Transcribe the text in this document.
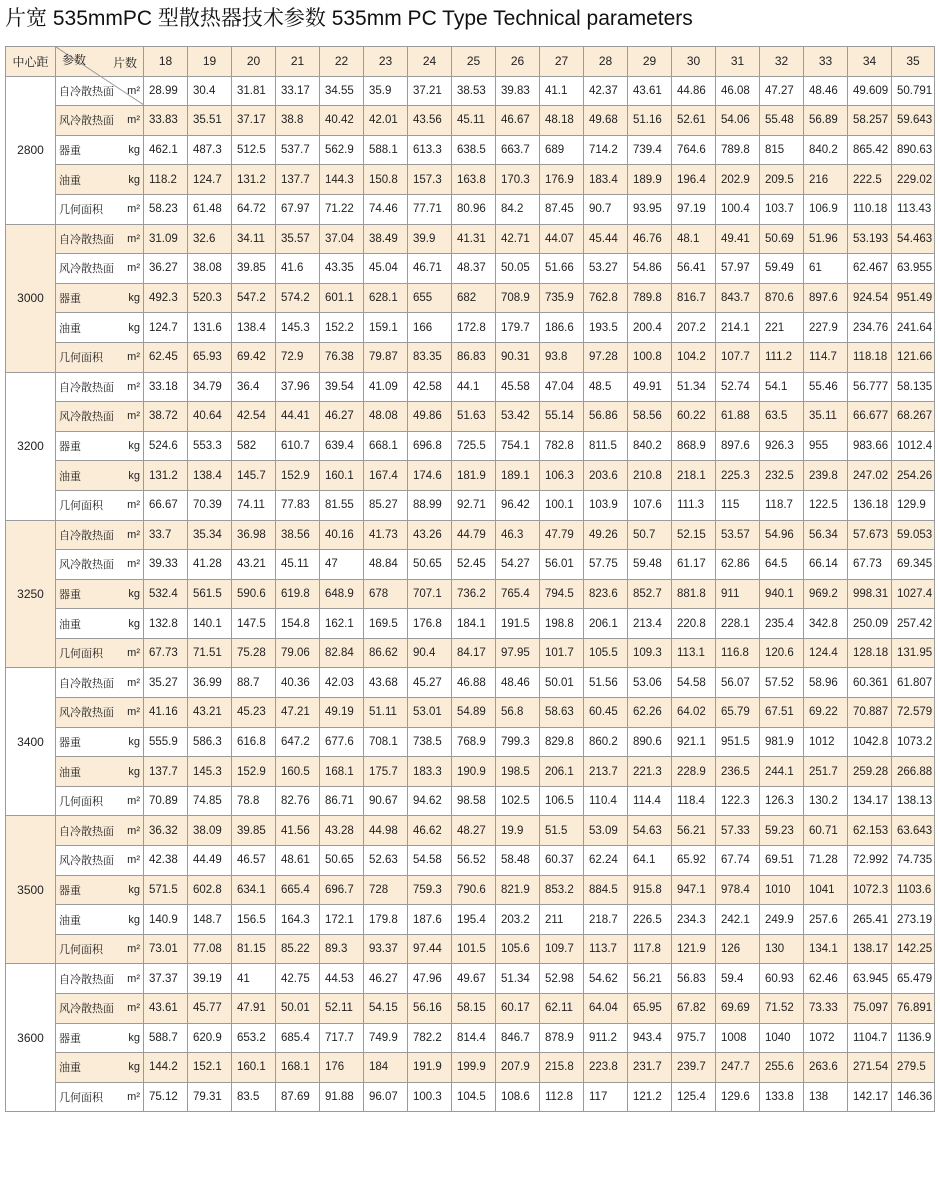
片宽 535mmPC 型散热器技术参数 535mm PC Type Technical parameters
中心距	片数
参数	18	19	20	21	22	23	24	25	26	27	28	29	30	31	32	33	34	35
2800	自冷散热面 m²	28.99	30.4	31.81	33.17	34.55	35.9	37.21	38.53	39.83	41.1	42.37	43.61	44.86	46.08	47.27	48.46	49.609	50.791

	风冷散热面 m²	33.83	35.51	37.17	38.8	40.42	42.01	43.56	45.11	46.67	48.18	49.68	51.16	52.61	54.06	55.48	56.89	58.257	59.643

	器重 kg	462.1	487.3	512.5	537.7	562.9	588.1	613.3	638.5	663.7	689	714.2	739.4	764.6	789.8	815	840.2	865.42	890.63

	油重 kg	118.2	124.7	131.2	137.7	144.3	150.8	157.3	163.8	170.3	176.9	183.4	189.9	196.4	202.9	209.5	216	222.5	229.02

	几何面积 m²	58.23	61.48	64.72	67.97	71.22	74.46	77.71	80.96	84.2	87.45	90.7	93.95	97.19	100.4	103.7	106.9	110.18	113.43
3000	自冷散热面 m²	31.09	32.6	34.11	35.57	37.04	38.49	39.9	41.31	42.71	44.07	45.44	46.76	48.1	49.41	50.69	51.96	53.193	54.463

	风冷散热面 m²	36.27	38.08	39.85	41.6	43.35	45.04	46.71	48.37	50.05	51.66	53.27	54.86	56.41	57.97	59.49	61	62.467	63.955

	器重 kg	492.3	520.3	547.2	574.2	601.1	628.1	655	682	708.9	735.9	762.8	789.8	816.7	843.7	870.6	897.6	924.54	951.49

	油重 kg	124.7	131.6	138.4	145.3	152.2	159.1	166	172.8	179.7	186.6	193.5	200.4	207.2	214.1	221	227.9	234.76	241.64

	几何面积 m²	62.45	65.93	69.42	72.9	76.38	79.87	83.35	86.83	90.31	93.8	97.28	100.8	104.2	107.7	111.2	114.7	118.18	121.66
3200	自冷散热面 m²	33.18	34.79	36.4	37.96	39.54	41.09	42.58	44.1	45.58	47.04	48.5	49.91	51.34	52.74	54.1	55.46	56.777	58.135

	风冷散热面 m²	38.72	40.64	42.54	44.41	46.27	48.08	49.86	51.63	53.42	55.14	56.86	58.56	60.22	61.88	63.5	35.11	66.677	68.267

	器重 kg	524.6	553.3	582	610.7	639.4	668.1	696.8	725.5	754.1	782.8	811.5	840.2	868.9	897.6	926.3	955	983.66	1012.4

	油重 kg	131.2	138.4	145.7	152.9	160.1	167.4	174.6	181.9	189.1	106.3	203.6	210.8	218.1	225.3	232.5	239.8	247.02	254.26

	几何面积 m²	66.67	70.39	74.11	77.83	81.55	85.27	88.99	92.71	96.42	100.1	103.9	107.6	111.3	115	118.7	122.5	136.18	129.9
3250	自冷散热面 m²	33.7	35.34	36.98	38.56	40.16	41.73	43.26	44.79	46.3	47.79	49.26	50.7	52.15	53.57	54.96	56.34	57.673	59.053

	风冷散热面 m²	39.33	41.28	43.21	45.11	47	48.84	50.65	52.45	54.27	56.01	57.75	59.48	61.17	62.86	64.5	66.14	67.73	69.345

	器重 kg	532.4	561.5	590.6	619.8	648.9	678	707.1	736.2	765.4	794.5	823.6	852.7	881.8	911	940.1	969.2	998.31	1027.4

	油重 kg	132.8	140.1	147.5	154.8	162.1	169.5	176.8	184.1	191.5	198.8	206.1	213.4	220.8	228.1	235.4	342.8	250.09	257.42

	几何面积 m²	67.73	71.51	75.28	79.06	82.84	86.62	90.4	84.17	97.95	101.7	105.5	109.3	113.1	116.8	120.6	124.4	128.18	131.95
3400	自冷散热面 m²	35.27	36.99	88.7	40.36	42.03	43.68	45.27	46.88	48.46	50.01	51.56	53.06	54.58	56.07	57.52	58.96	60.361	61.807

	风冷散热面 m²	41.16	43.21	45.23	47.21	49.19	51.11	53.01	54.89	56.8	58.63	60.45	62.26	64.02	65.79	67.51	69.22	70.887	72.579

	器重 kg	555.9	586.3	616.8	647.2	677.6	708.1	738.5	768.9	799.3	829.8	860.2	890.6	921.1	951.5	981.9	1012	1042.8	1073.2

	油重 kg	137.7	145.3	152.9	160.5	168.1	175.7	183.3	190.9	198.5	206.1	213.7	221.3	228.9	236.5	244.1	251.7	259.28	266.88

	几何面积 m²	70.89	74.85	78.8	82.76	86.71	90.67	94.62	98.58	102.5	106.5	110.4	114.4	118.4	122.3	126.3	130.2	134.17	138.13
3500	自冷散热面 m²	36.32	38.09	39.85	41.56	43.28	44.98	46.62	48.27	19.9	51.5	53.09	54.63	56.21	57.33	59.23	60.71	62.153	63.643

	风冷散热面 m²	42.38	44.49	46.57	48.61	50.65	52.63	54.58	56.52	58.48	60.37	62.24	64.1	65.92	67.74	69.51	71.28	72.992	74.735

	器重 kg	571.5	602.8	634.1	665.4	696.7	728	759.3	790.6	821.9	853.2	884.5	915.8	947.1	978.4	1010	1041	1072.3	1103.6

	油重 kg	140.9	148.7	156.5	164.3	172.1	179.8	187.6	195.4	203.2	211	218.7	226.5	234.3	242.1	249.9	257.6	265.41	273.19

	几何面积 m²	73.01	77.08	81.15	85.22	89.3	93.37	97.44	101.5	105.6	109.7	113.7	117.8	121.9	126	130	134.1	138.17	142.25
3600	自冷散热面 m²	37.37	39.19	41	42.75	44.53	46.27	47.96	49.67	51.34	52.98	54.62	56.21	56.83	59.4	60.93	62.46	63.945	65.479

	风冷散热面 m²	43.61	45.77	47.91	50.01	52.11	54.15	56.16	58.15	60.17	62.11	64.04	65.95	67.82	69.69	71.52	73.33	75.097	76.891

	器重 kg	588.7	620.9	653.2	685.4	717.7	749.9	782.2	814.4	846.7	878.9	911.2	943.4	975.7	1008	1040	1072	1104.7	1136.9

	油重 kg	144.2	152.1	160.1	168.1	176	184	191.9	199.9	207.9	215.8	223.8	231.7	239.7	247.7	255.6	263.6	271.54	279.5

	几何面积 m²	75.12	79.31	83.5	87.69	91.88	96.07	100.3	104.5	108.6	112.8	117	121.2	125.4	129.6	133.8	138	142.17	146.36
